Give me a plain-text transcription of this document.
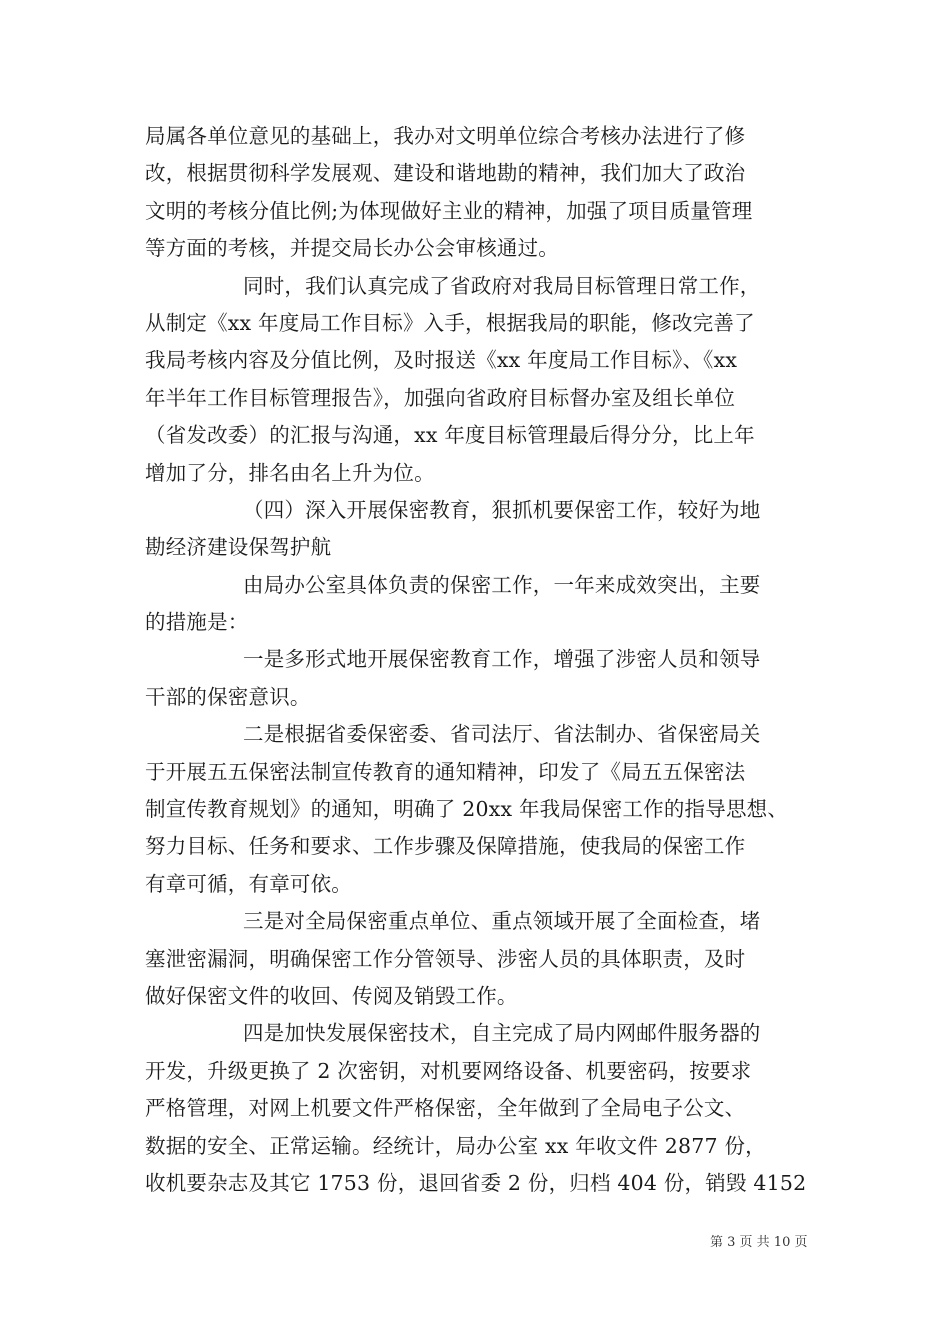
局属各单位意见的基础上，我办对文明单位综合考核办法进行了修
改，根据贯彻科学发展观、建设和谐地勘的精神，我们加大了政治
文明的考核分值比例;为体现做好主业的精神，加强了项目质量管理
等方面的考核，并提交局长办公会审核通过。
同时，我们认真完成了省政府对我局目标管理日常工作，
从制定《xx 年度局工作目标》入手，根据我局的职能，修改完善了
我局考核内容及分值比例，及时报送《xx 年度局工作目标》、《xx
年半年工作目标管理报告》，加强向省政府目标督办室及组长单位
（省发改委）的汇报与沟通，xx 年度目标管理最后得分分，比上年
增加了分，排名由名上升为位。
（四）深入开展保密教育，狠抓机要保密工作，较好为地
勘经济建设保驾护航
由局办公室具体负责的保密工作，一年来成效突出，主要
的措施是：
一是多形式地开展保密教育工作，增强了涉密人员和领导
干部的保密意识。
二是根据省委保密委、省司法厅、省法制办、省保密局关
于开展五五保密法制宣传教育的通知精神，印发了《局五五保密法
制宣传教育规划》的通知，明确了 20xx 年我局保密工作的指导思想、
努力目标、任务和要求、工作步骤及保障措施，使我局的保密工作
有章可循，有章可依。
三是对全局保密重点单位、重点领域开展了全面检查，堵
塞泄密漏洞，明确保密工作分管领导、涉密人员的具体职责，及时
做好保密文件的收回、传阅及销毁工作。
四是加快发展保密技术，自主完成了局内网邮件服务器的
开发，升级更换了 2 次密钥，对机要网络设备、机要密码，按要求
严格管理，对网上机要文件严格保密，全年做到了全局电子公文、
数据的安全、正常运输。经统计，局办公室 xx 年收文件 2877 份，
收机要杂志及其它 1753 份，退回省委 2 份，归档 404 份，销毁 4152
第 3 页 共 10 页
